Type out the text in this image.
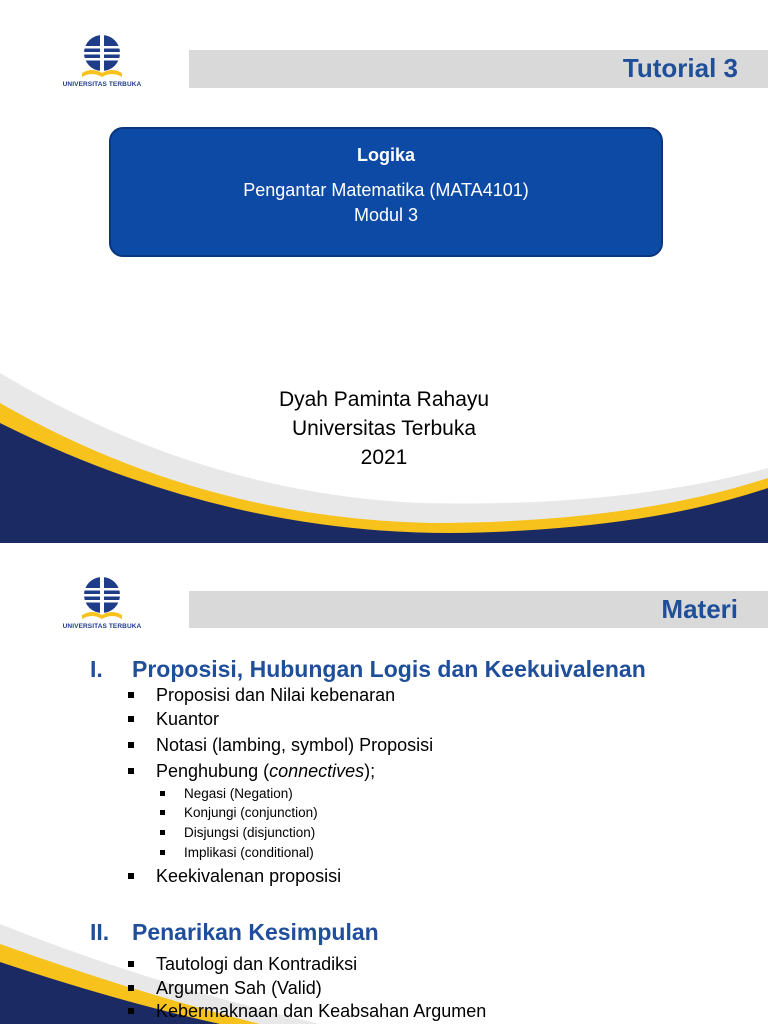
UNIVERSITAS TERBUKA
Tutorial 3
Logika
Pengantar Matematika (MATA4101)
Modul 3
Dyah Paminta Rahayu
Universitas Terbuka
2021
UNIVERSITAS TERBUKA
Materi
I. Proposisi, Hubungan Logis dan Keekuivalenan
Proposisi dan Nilai kebenaran
Kuantor
Notasi (lambing, symbol) Proposisi
Penghubung (connectives);
Negasi (Negation)
Konjungi (conjunction)
Disjungsi (disjunction)
Implikasi (conditional)
Keekivalenan proposisi
II. Penarikan Kesimpulan
Tautologi dan Kontradiksi
Argumen Sah (Valid)
Kebermaknaan dan Keabsahan Argumen
